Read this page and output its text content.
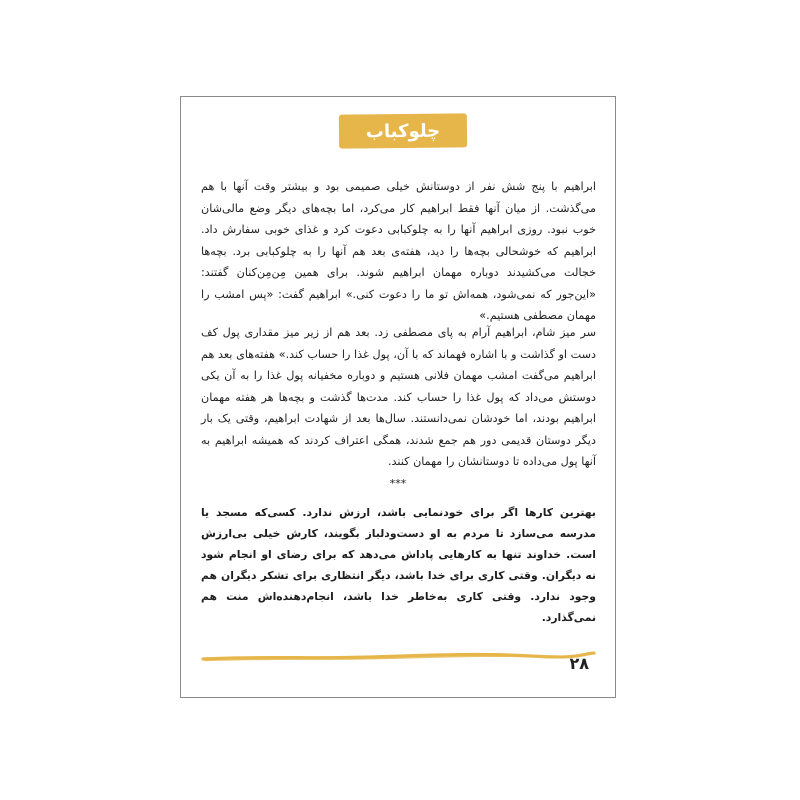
چلوکباب

ابراهیم با پنج شش نفر از دوستانش خیلی صمیمی بود و بیشتر وقت آنها با هم می‌گذشت. از میان آنها فقط ابراهیم کار می‌کرد، اما بچه‌های دیگر وضع مالی‌شان خوب نبود. روزی ابراهیم آنها را به چلوکبابی دعوت کرد و غذای خوبی سفارش داد. ابراهیم که خوشحالی بچه‌ها را دید، هفته‌ی بعد هم آنها را به چلوکبابی برد. بچه‌ها خجالت می‌کشیدند دوباره مهمان ابراهیم شوند. برای همین مِن‌مِن‌کنان گفتند: «این‌جور که نمی‌شود، همه‌اش تو ما را دعوت کنی.» ابراهیم گفت: «پس امشب را مهمان مصطفی هستیم.»

سر میز شام، ابراهیم آرام به پای مصطفی زد. بعد هم از زیر میز مقداری پول کف دست او گذاشت و با اشاره فهماند که با آن، پول غذا را حساب کند.» هفته‌های بعد هم ابراهیم می‌گفت امشب مهمان فلانی هستیم و دوباره مخفیانه پول غذا را به آن یکی دوستش می‌داد که پول غذا را حساب کند. مدت‌ها گذشت و بچه‌ها هر هفته مهمان ابراهیم بودند، اما خودشان نمی‌دانستند. سال‌ها بعد از شهادت ابراهیم، وقتی یک بار دیگر دوستان قدیمی دور هم جمع شدند، همگی اعتراف کردند که همیشه ابراهیم به آنها پول می‌داده تا دوستانشان را مهمان کنند.

***

بهترین کارها اگر برای خودنمایی باشد، ارزش ندارد. کسی‌که مسجد یا مدرسه می‌سازد تا مردم به او دست‌ودلباز بگویند، کارش خیلی بی‌ارزش است. خداوند تنها به کارهایی پاداش می‌دهد که برای رضای او انجام شود نه دیگران. وقتی کاری برای خدا باشد، دیگر انتظاری برای تشکر دیگران هم وجود ندارد. وقتی کاری به‌خاطر خدا باشد، انجام‌دهنده‌اش منت هم نمی‌گذارد.

۲۸
